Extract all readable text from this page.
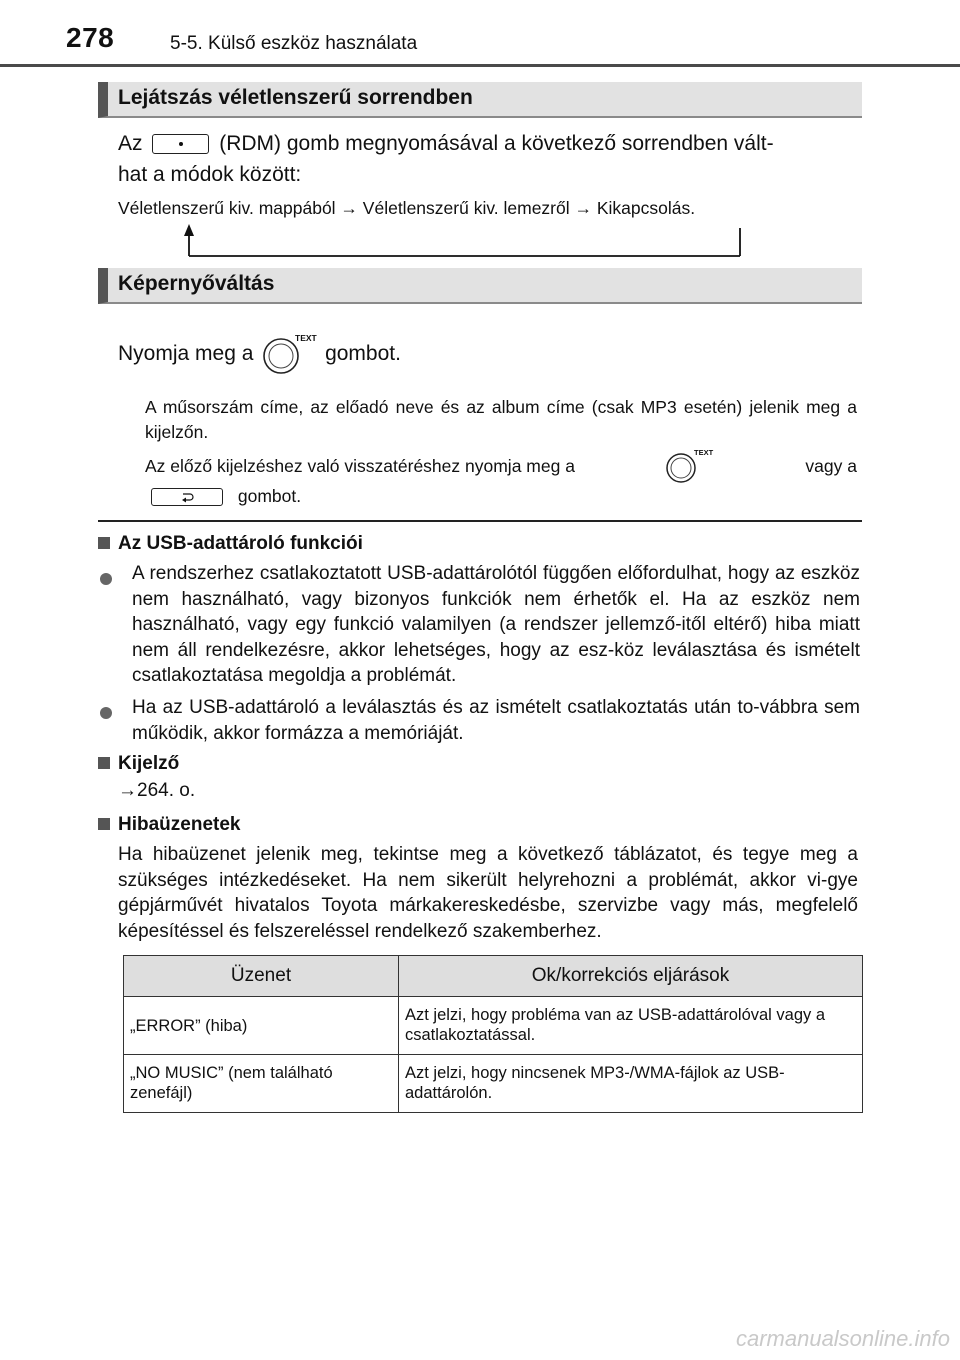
278	5-5. Külső eszköz használata
Lejátszás véletlenszerű sorrendben
Az	(RDM) gomb megnyomásával a következő sorrendben vált-
hat a módok között:
Véletlenszerű kiv. mappából → Véletlenszerű kiv. lemezről → Kikapcsolás.
Képernyőváltás
Nyomja meg a
TEXT
gombot.
A műsorszám címe, az előadó neve és az album címe (csak MP3 esetén) jelenik meg a kijelzőn.
Az előző kijelzéshez való visszatéréshez nyomja meg a
TEXT
vagy a
gombot.
Az USB-adattároló funkciói
A rendszerhez csatlakoztatott USB-adattárolótól függően előfordulhat, hogy az eszköz nem használható, vagy bizonyos funkciók nem érhetők el. Ha az eszköz nem használható, vagy egy funkció valamilyen (a rendszer jellemző-itől eltérő) hiba miatt nem áll rendelkezésre, akkor lehetséges, hogy az esz-köz leválasztása és ismételt csatlakoztatása megoldja a problémát.
Ha az USB-adattároló a leválasztás és az ismételt csatlakoztatás után to-vábbra sem működik, akkor formázza a memóriáját.
Kijelző
→264. o.
Hibaüzenetek
Ha hibaüzenet jelenik meg, tekintse meg a következő táblázatot, és tegye meg a szükséges intézkedéseket. Ha nem sikerült helyrehozni a problémát, akkor vi-gye gépjárművét hivatalos Toyota márkakereskedésbe, szervizbe vagy más, megfelelő képesítéssel és felszereléssel rendelkező szakemberhez.
Üzenet	Ok/korrekciós eljárások
„ERROR” (hiba)	Azt jelzi, hogy probléma van az USB-adattárolóval vagy a csatlakoztatással.
„NO MUSIC” (nem található zenefájl)	Azt jelzi, hogy nincsenek MP3-/WMA-fájlok az USB-adattárolón.
carmanualsonline.info
